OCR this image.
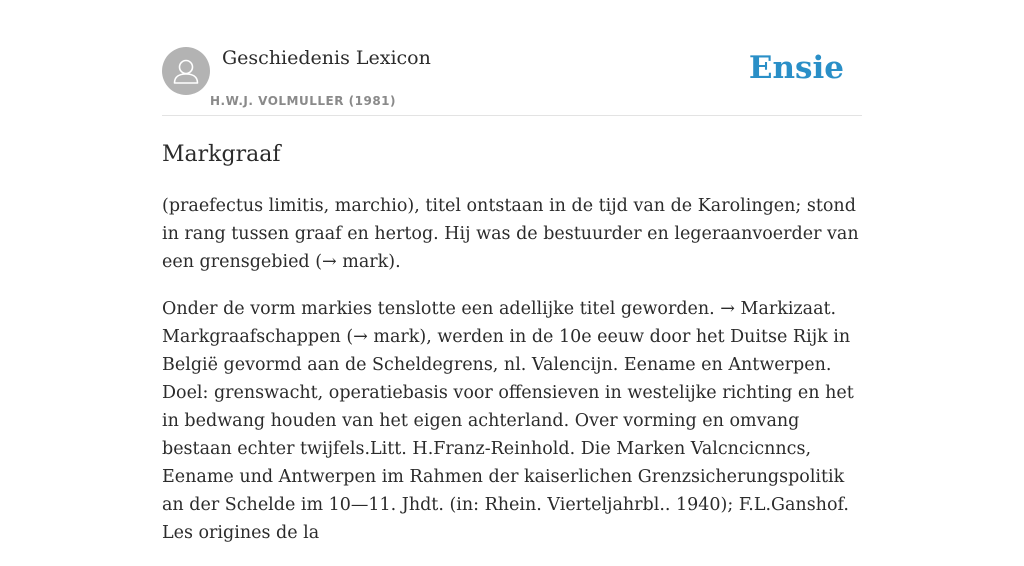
Geschiedenis Lexicon
H.W.J. VOLMULLER (1981)
Ensie
Markgraaf

(praefectus limitis, marchio), titel ontstaan in de tijd van de Karolingen; stond in rang tussen graaf en hertog. Hij was de bestuurder en legeraanvoerder van een grensgebied (→ mark).

Onder de vorm markies tenslotte een adellijke titel geworden. → Markizaat. Markgraafschappen (→ mark), werden in de 10e eeuw door het Duitse Rijk in België gevormd aan de Scheldegrens, nl. Valencijn. Eename en Antwerpen. Doel: grenswacht, operatiebasis voor offensieven in westelijke richting en het in bedwang houden van het eigen achterland. Over vorming en omvang bestaan echter twijfels.Litt. H.Franz-Reinhold. Die Marken Valcncicnncs, Eename und Antwerpen im Rahmen der kaiserlichen Grenzsicherungspolitik an der Schelde im 10—11. Jhdt. (in: Rhein. Vierteljahrbl.. 1940); F.L.Ganshof. Les origines de la
